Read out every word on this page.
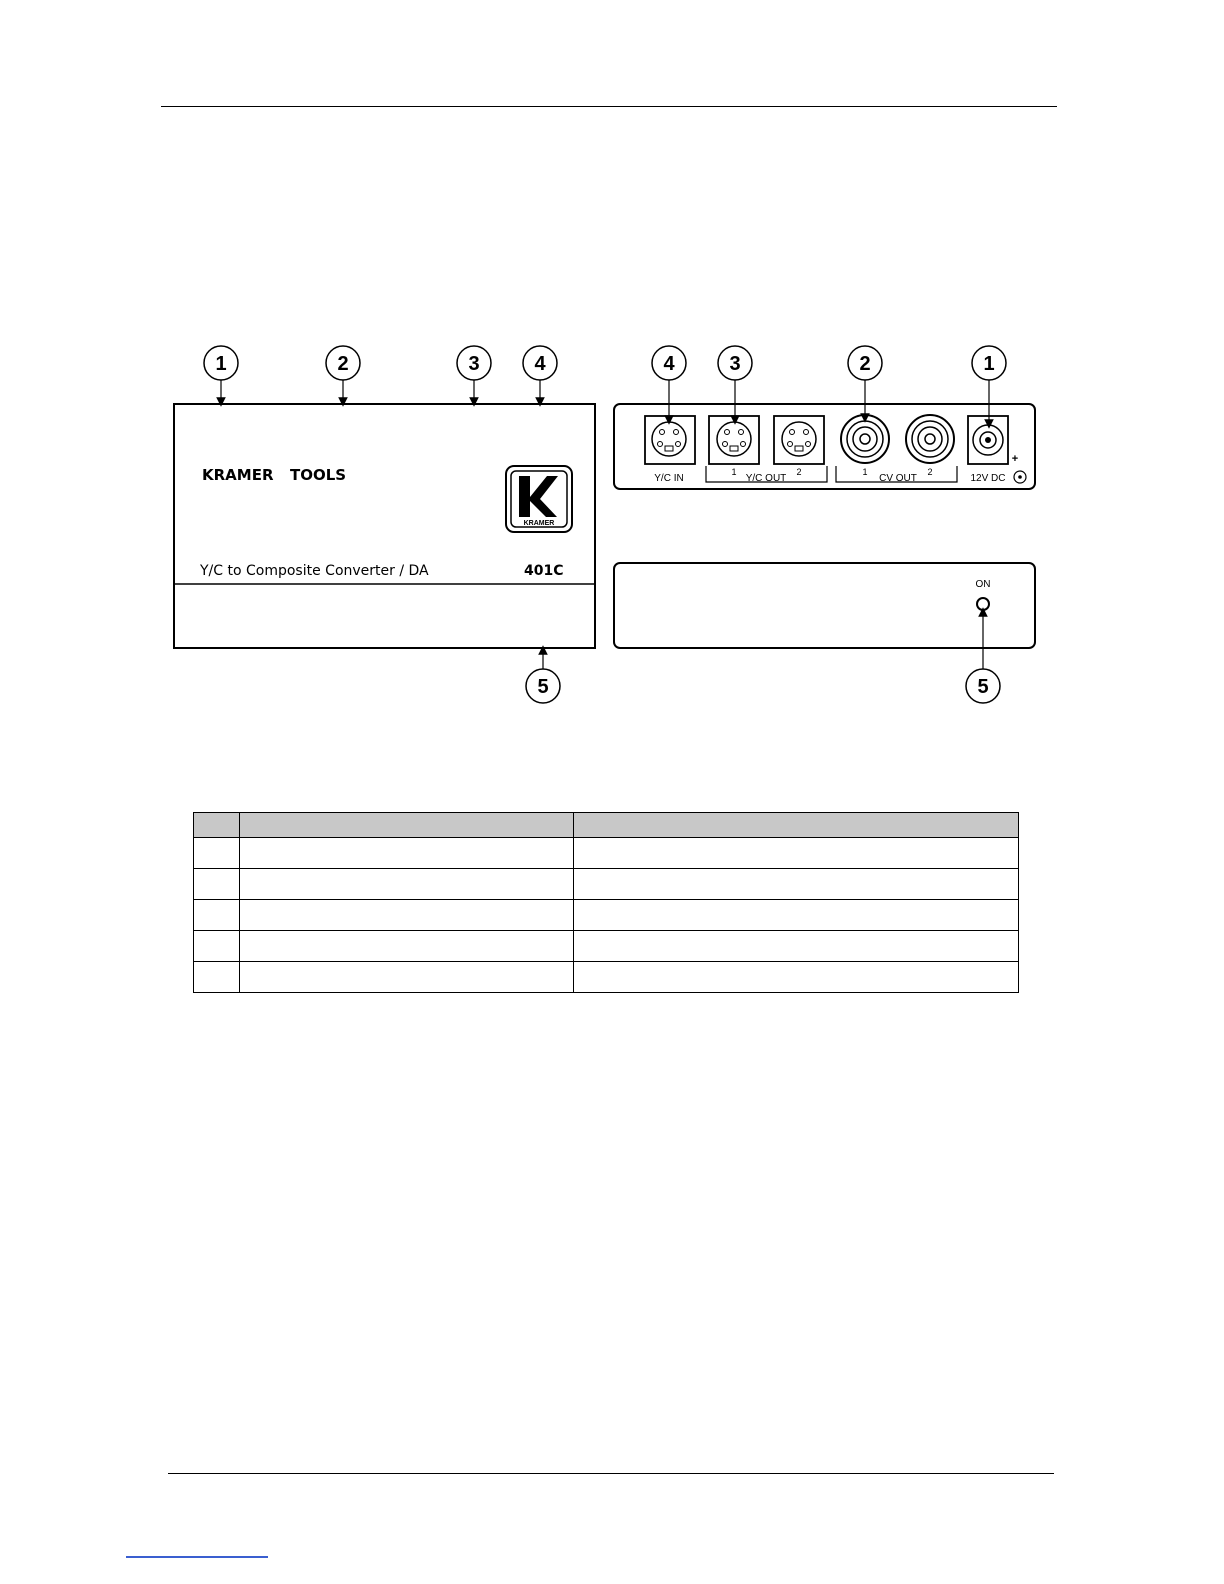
KRAMER TOOLS
KRAMER
Y/C to Composite Converter / DA	401C
1	2	3	4
5
Y/C IN
1
Y/C OUT
2	1
CV OUT
2
12V DC
+
4	3	2	1
ON
5
